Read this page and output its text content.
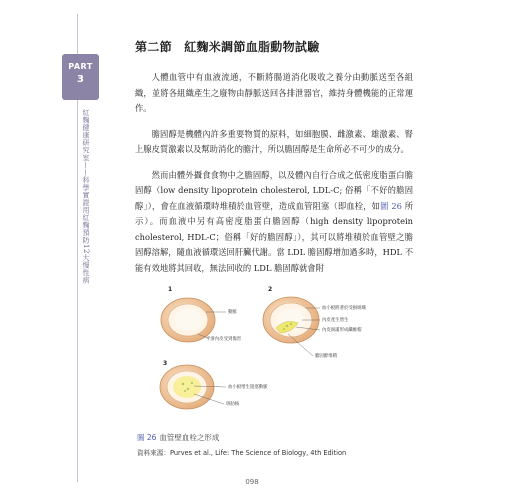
PART
3
紅麴健康研究室——科學實證用紅麴預防12大慢性病
第二節　紅麴米調節血脂動物試驗

人體血管中有血液流通，不斷將腸道消化吸收之養分由動脈送至各組織，並將各組織產生之廢物由靜脈送回各排泄器官，維持身體機能的正常運作。

膽固醇是機體內許多重要物質的原料，如細胞膜、雌激素、雄激素、腎上腺皮質激素以及幫助消化的膽汁，所以膽固醇是生命所必不可少的成分。

然而由體外攝食食物中之膽固醇，以及體內自行合成之低密度脂蛋白膽固醇（low density lipoprotein cholesterol, LDL-C; 俗稱「不好的膽固醇」），會在血液循環時堆積於血管壁，造成血管阻塞（即血栓，如圖 26 所示）。而血液中另有高密度脂蛋白膽固醇（high density lipoprotein cholesterol, HDL-C；俗稱「好的膽固醇」），其可以將堆積於血管壁之膽固醇溶解，隨血液循環送回肝臟代謝。當 LDL 膽固醇增加過多時，HDL 不能有效地將其回收，無法回收的 LDL 膽固醇就會附

1	2
3
動脈
平滑內皮受到傷害
血小板附著於受損組織
內皮產生增生
內皮洞滿形成纖維帽
膽固醇堆積
血小板增生阻塞動脈
斑肋核
圖 26 血管壁血栓之形成
資料來源：Purves et al., Life: The Science of Biology, 4th Edition
098
